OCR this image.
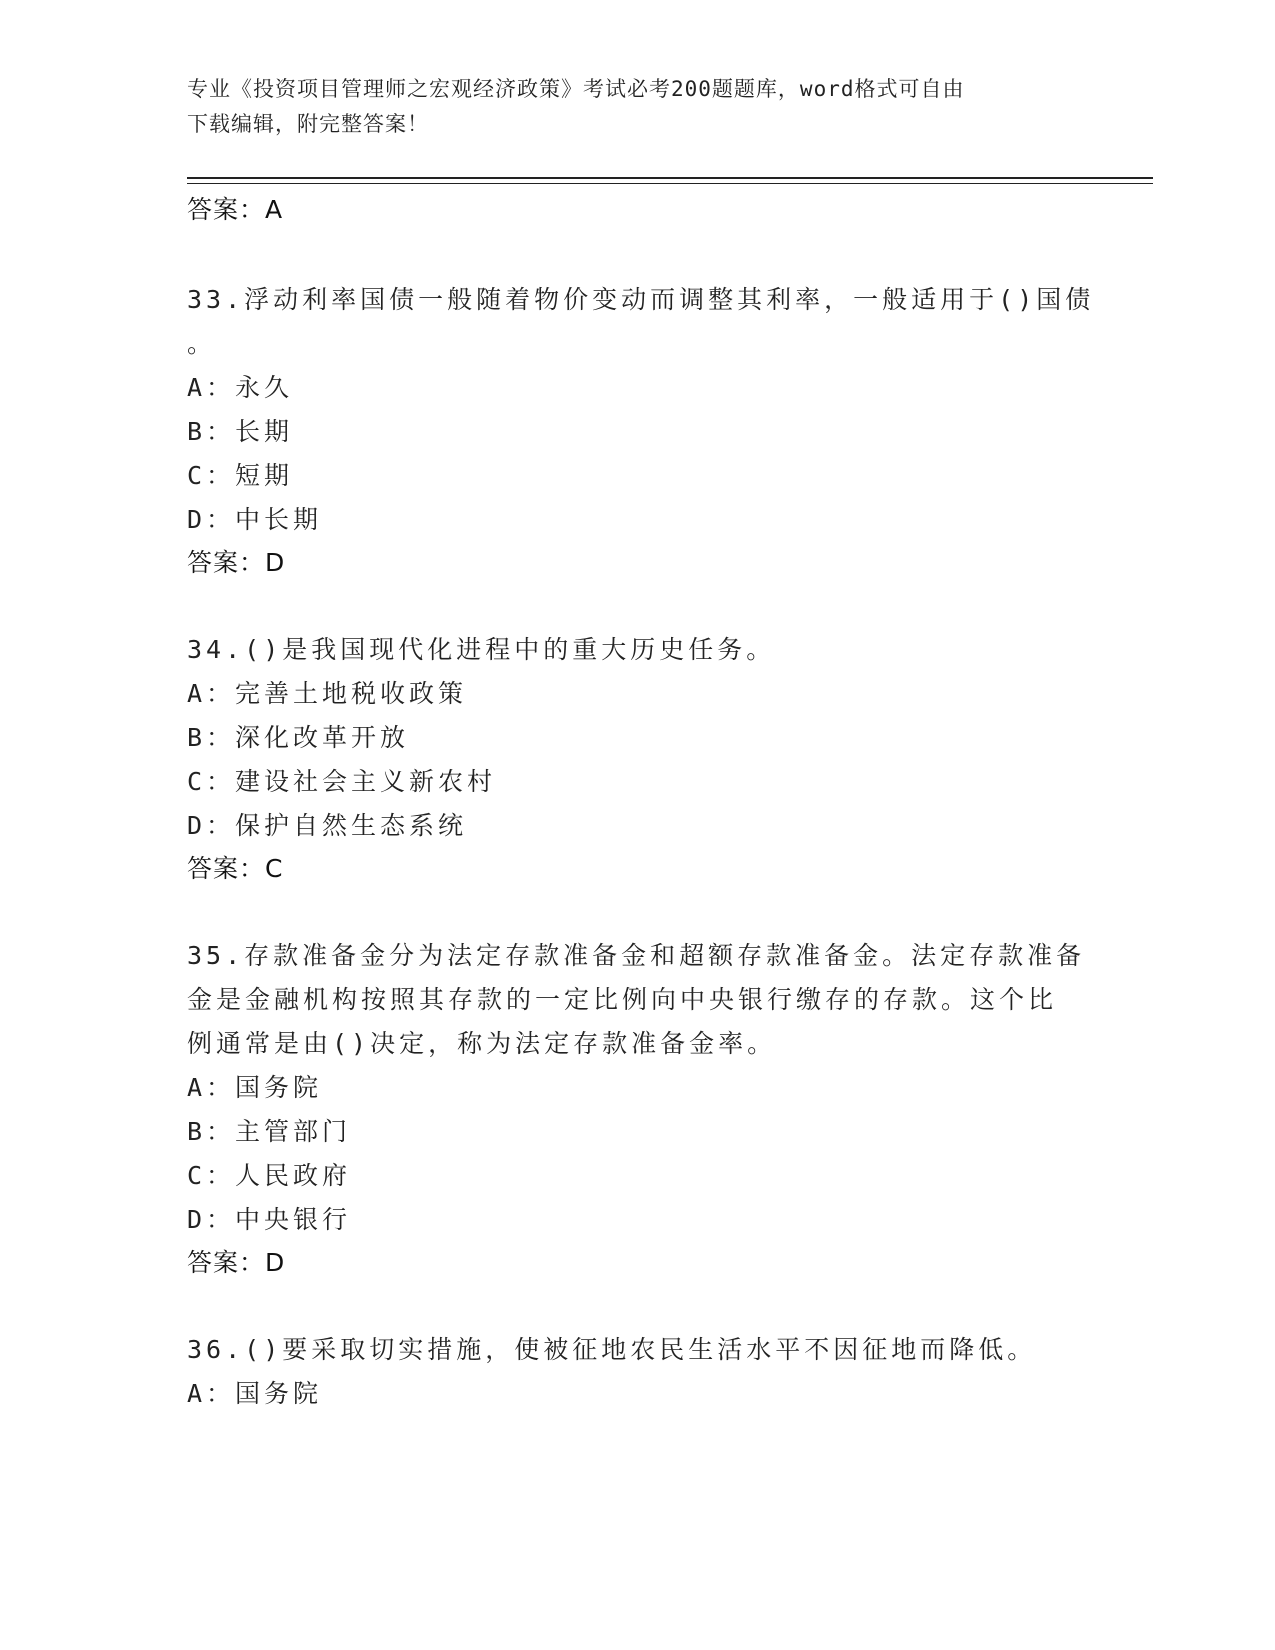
专业《投资项目管理师之宏观经济政策》考试必考200题题库，word格式可自由
下载编辑，附完整答案！
答案：A
33.浮动利率国债一般随着物价变动而调整其利率，一般适用于()国债
。
A：永久
B：长期
C：短期
D：中长期
答案：D
34.()是我国现代化进程中的重大历史任务。
A：完善土地税收政策
B：深化改革开放
C：建设社会主义新农村
D：保护自然生态系统
答案：C
35.存款准备金分为法定存款准备金和超额存款准备金。法定存款准备
金是金融机构按照其存款的一定比例向中央银行缴存的存款。这个比
例通常是由()决定，称为法定存款准备金率。
A：国务院
B：主管部门
C：人民政府
D：中央银行
答案：D
36.()要采取切实措施，使被征地农民生活水平不因征地而降低。
A：国务院
